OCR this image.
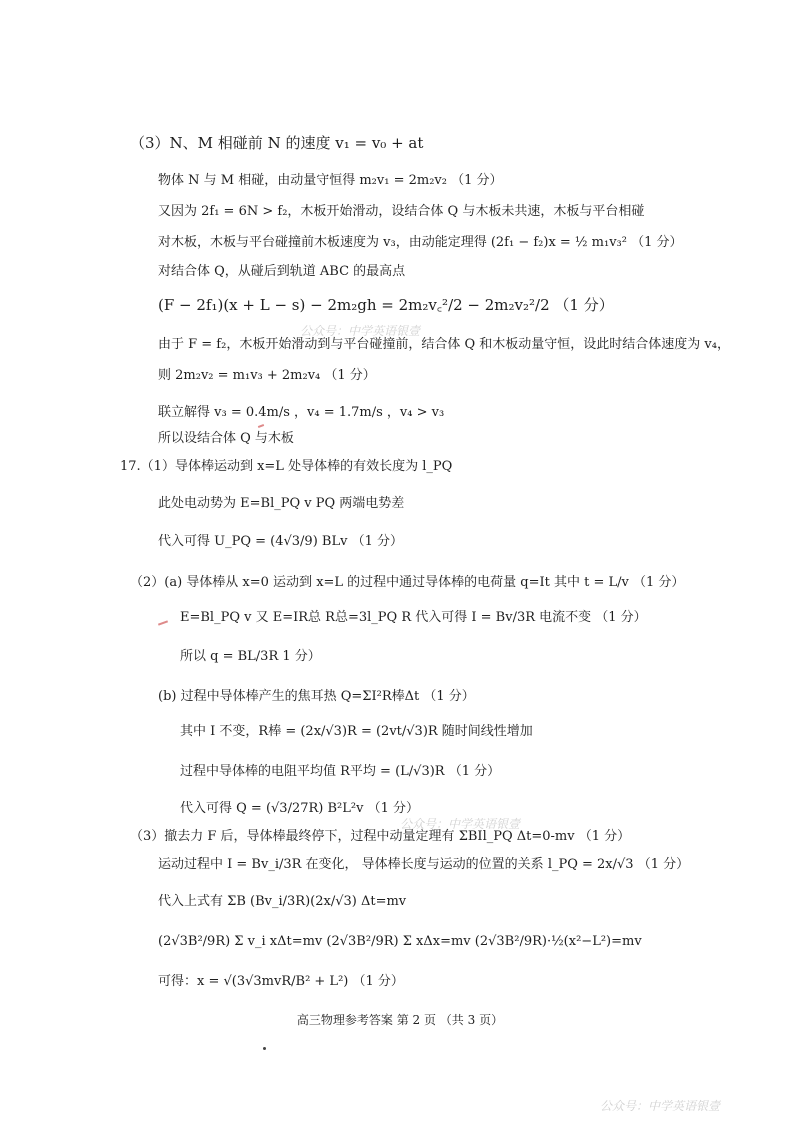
（3）N、M 相碰前 N 的速度 v₁ = v₀ + at
物体 N 与 M 相碰，由动量守恒得 m₂v₁ = 2m₂v₂ （1 分）
又因为 2f₁ = 6N > f₂，木板开始滑动，设结合体 Q 与木板未共速，木板与平台相碰
对木板，木板与平台碰撞前木板速度为 v₃，由动能定理得 (2f₁ − f₂)x = ½ m₁v₃² （1 分）
对结合体 Q，从碰后到轨道 ABC 的最高点
(F − 2f₁)(x + L − s) − 2m₂gh = 2m₂v꜀²/2 − 2m₂v₂²/2 （1 分）
由于 F = f₂，木板开始滑动到与平台碰撞前，结合体 Q 和木板动量守恒，设此时结合体速度为 v₄，
则 2m₂v₂ = m₁v₃ + 2m₂v₄ （1 分）
联立解得 v₃ = 0.4m/s ，v₄ = 1.7m/s ，v₄ > v₃
所以设结合体 Q 与木板
17.（1）导体棒运动到 x=L 处导体棒的有效长度为 l_PQ
此处电动势为 E=Bl_PQ v PQ 两端电势差
代入可得 U_PQ = (4√3/9) BLv （1 分）
（2）(a) 导体棒从 x=0 运动到 x=L 的过程中通过导体棒的电荷量 q=It 其中 t = L/v （1 分）
E=Bl_PQ v 又 E=IR总 R总=3l_PQ R 代入可得 I = Bv/3R 电流不变 （1 分）
所以 q = BL/3R 1 分）
(b) 过程中导体棒产生的焦耳热 Q=ΣI²R棒Δt （1 分）
其中 I 不变，R棒 = (2x/√3)R = (2vt/√3)R 随时间线性增加
过程中导体棒的电阻平均值 R平均 = (L/√3)R （1 分）
代入可得 Q = (√3/27R) B²L²v （1 分）
（3）撤去力 F 后，导体棒最终停下，过程中动量定理有 ΣBIl_PQ Δt=0-mv （1 分）
运动过程中 I = Bv_i/3R 在变化， 导体棒长度与运动的位置的关系 l_PQ = 2x/√3 （1 分）
代入上式有 ΣB (Bv_i/3R)(2x/√3) Δt=mv
(2√3B²/9R) Σ v_i xΔt=mv (2√3B²/9R) Σ xΔx=mv (2√3B²/9R)·½(x²−L²)=mv
可得：x = √(3√3mvR/B² + L²) （1 分）
高三物理参考答案 第 2 页 （共 3 页）
公众号：中学英语银壹
公众号：中学英语银壹
公众号：中学英语银壹
